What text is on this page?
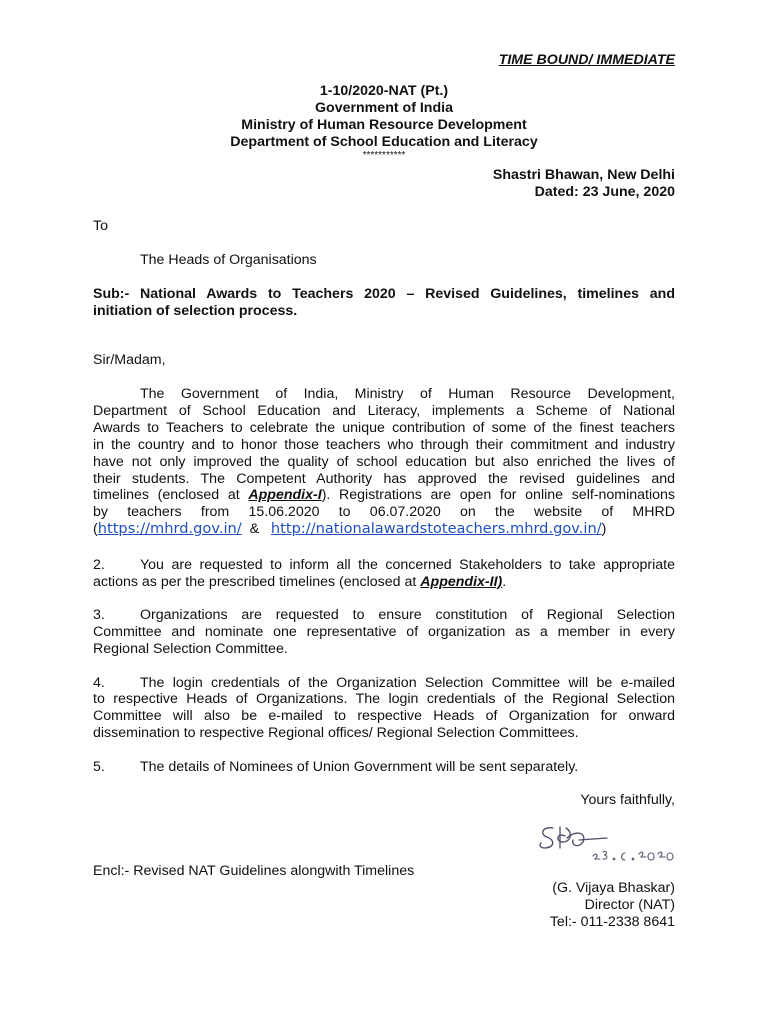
TIME BOUND/ IMMEDIATE
1-10/2020-NAT (Pt.)
Government of India
Ministry of Human Resource Development
Department of School Education and Literacy
***********
Shastri Bhawan, New Delhi
Dated: 23 June, 2020
To
The Heads of Organisations
Sub:- National Awards to Teachers 2020 – Revised Guidelines, timelines and
initiation of selection process.
Sir/Madam,
The Government of India, Ministry of Human Resource Development,
Department of School Education and Literacy, implements a Scheme of National
Awards to Teachers to celebrate the unique contribution of some of the finest teachers
in the country and to honor those teachers who through their commitment and industry
have not only improved the quality of school education but also enriched the lives of
their students. The Competent Authority has approved the revised guidelines and
timelines (enclosed at Appendix-I). Registrations are open for online self-nominations
by teachers from 15.06.2020 to 06.07.2020 on the website of MHRD
(https://mhrd.gov.in/ & http://nationalawardstoteachers.mhrd.gov.in/)
2. You are requested to inform all the concerned Stakeholders to take appropriate
actions as per the prescribed timelines (enclosed at Appendix-II).
3. Organizations are requested to ensure constitution of Regional Selection
Committee and nominate one representative of organization as a member in every
Regional Selection Committee.
4. The login credentials of the Organization Selection Committee will be e-mailed
to respective Heads of Organizations. The login credentials of the Regional Selection
Committee will also be e-mailed to respective Heads of Organization for onward
dissemination to respective Regional offices/ Regional Selection Committees.
5. The details of Nominees of Union Government will be sent separately.
Yours faithfully,
Encl:- Revised NAT Guidelines alongwith Timelines
(G. Vijaya Bhaskar)
Director (NAT)
Tel:- 011-2338 8641
